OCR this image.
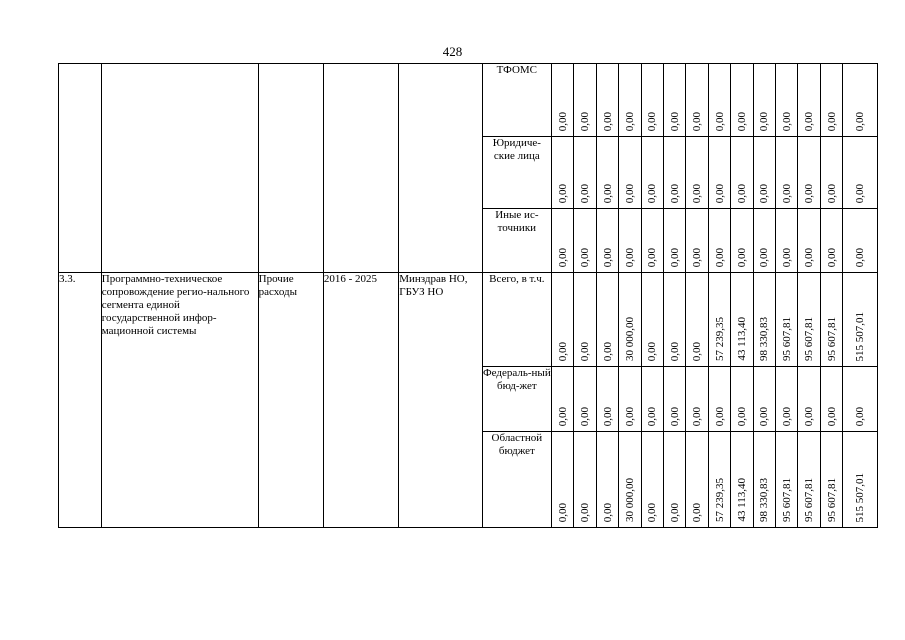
428
					ТФОМС	0,00	0,00	0,00	0,00	0,00	0,00	0,00	0,00	0,00	0,00	0,00	0,00	0,00	0,00

					Юридиче-ские лица	0,00	0,00	0,00	0,00	0,00	0,00	0,00	0,00	0,00	0,00	0,00	0,00	0,00	0,00

					Иные ис-точники	0,00	0,00	0,00	0,00	0,00	0,00	0,00	0,00	0,00	0,00	0,00	0,00	0,00	0,00

3.3.	Программно-техническое сопровождение регио-нального сегмента единой государственной инфор-мационной системы	Прочие расходы	2016 - 2025	Минздрав НО, ГБУЗ НО	Всего, в т.ч.	0,00	0,00	0,00	30 000,00	0,00	0,00	0,00	57 239,35	43 113,40	98 330,83	95 607,81	95 607,81	95 607,81	515 507,01

					Федераль-ный бюд-жет	0,00	0,00	0,00	0,00	0,00	0,00	0,00	0,00	0,00	0,00	0,00	0,00	0,00	0,00

					Областной бюджет	0,00	0,00	0,00	30 000,00	0,00	0,00	0,00	57 239,35	43 113,40	98 330,83	95 607,81	95 607,81	95 607,81	515 507,01
